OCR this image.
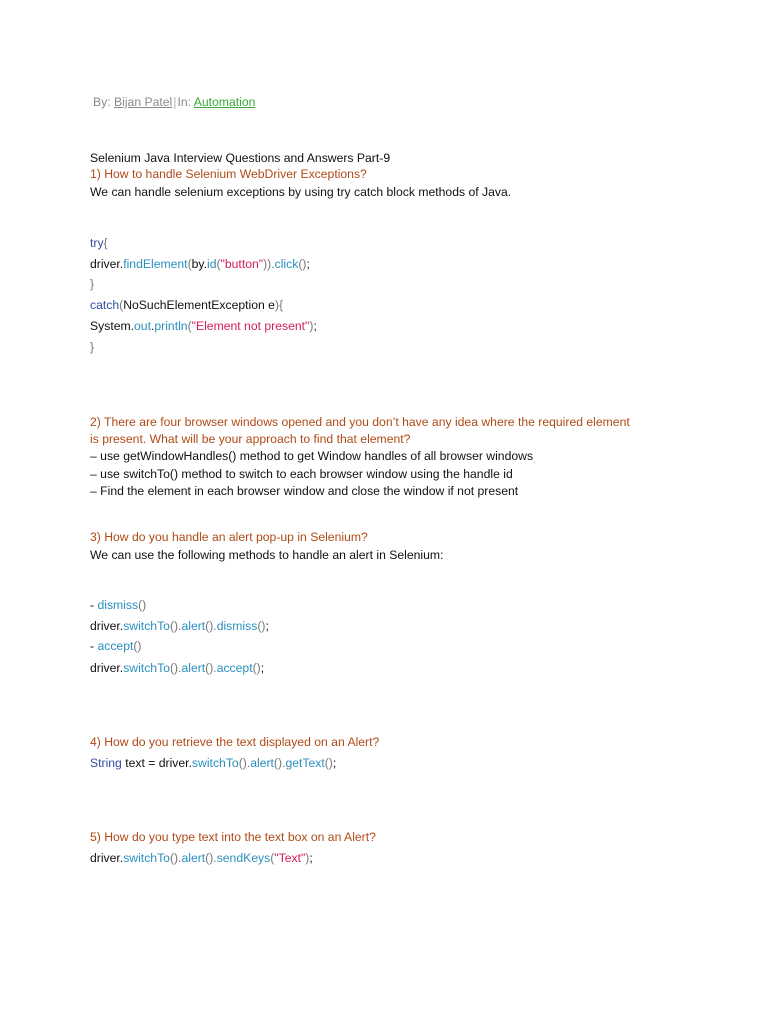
By: Bijan Patel|In: Automation
Selenium Java Interview Questions and Answers Part-9
1) How to handle Selenium WebDriver Exceptions?
We can handle selenium exceptions by using try catch block methods of Java.
try{
driver.findElement(by.id("button")).click();
}
catch(NoSuchElementException e){
System.out.println("Element not present");
}
2) There are four browser windows opened and you don’t have any idea where the required element
is present. What will be your approach to find that element?
– use getWindowHandles() method to get Window handles of all browser windows
– use switchTo() method to switch to each browser window using the handle id
– Find the element in each browser window and close the window if not present
3) How do you handle an alert pop-up in Selenium?
We can use the following methods to handle an alert in Selenium:
- dismiss()
driver.switchTo().alert().dismiss();
- accept()
driver.switchTo().alert().accept();
4) How do you retrieve the text displayed on an Alert?
String text = driver.switchTo().alert().getText();
5) How do you type text into the text box on an Alert?
driver.switchTo().alert().sendKeys("Text");
